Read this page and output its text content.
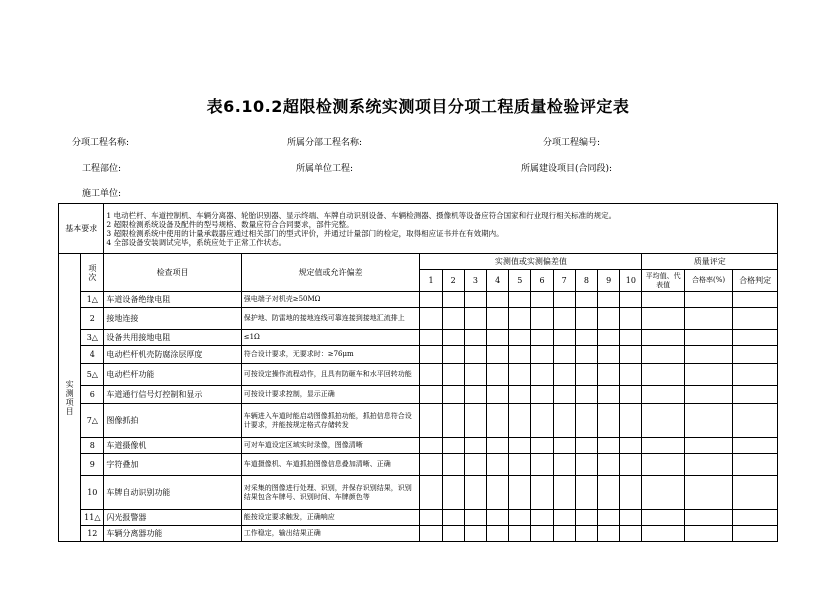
表6.10.2超限检测系统实测项目分项工程质量检验评定表
分项工程名称:	所属分部工程名称:	分项工程编号:
工程部位:	所属单位工程:	所属建设项目(合同段):
施工单位:
基本要求		1 电动栏杆、车道控制机、车辆分离器、轮胎识别器、显示终端、车牌自动识别设备、车辆检测器、摄像机等设备应符合国家和行业现行相关标准的规定。
2 超限检测系统设备及配件的型号规格、数量应符合合同要求，部件完整。
3 超限检测系统中使用的计量承载器应通过相关部门的型式评价，并通过计量部门的检定，取得相应证书并在有效期内。
4 全部设备安装调试完毕，系统应处于正常工作状态。														

实测项目	项次	检查项目	规定值或允许偏差	实测值或实测偏差值										质量评定		
				1	2	3	4	5	6	7	8	9	10	平均值、代表值	合格率(%)	合格判定
	1△	车道设备绝缘电阻	强电端子对机壳≥50MΩ													
	2	接地连接	保护地、防雷地的接地连线可靠连接到接地汇流排上													
	3△	设备共用接地电阻	≤1Ω													
	4	电动栏杆机壳防腐涂层厚度	符合设计要求，无要求时：≥76μm													
	5△	电动栏杆功能	可按设定操作流程动作，且具有防砸车和水平回转功能													
	6	车道通行信号灯控制和显示	可按设计要求控制，显示正确													
	7△	图像抓拍	车辆进入车道时能启动图像抓拍功能，抓拍信息符合设计要求，并能按规定格式存储转发													
	8	车道摄像机	可对车道设定区域实时录像，图像清晰													
	9	字符叠加	车道摄像机、车道抓拍图像信息叠加清晰、正确													
	10	车牌自动识别功能	对采集的图像进行处理、识别，并保存识别结果，识别结果包含车牌号、识别时间、车牌颜色等													
	11△	闪光报警器	能按设定要求触发，正确响应													
	12	车辆分离器功能	工作稳定，输出结果正确													
